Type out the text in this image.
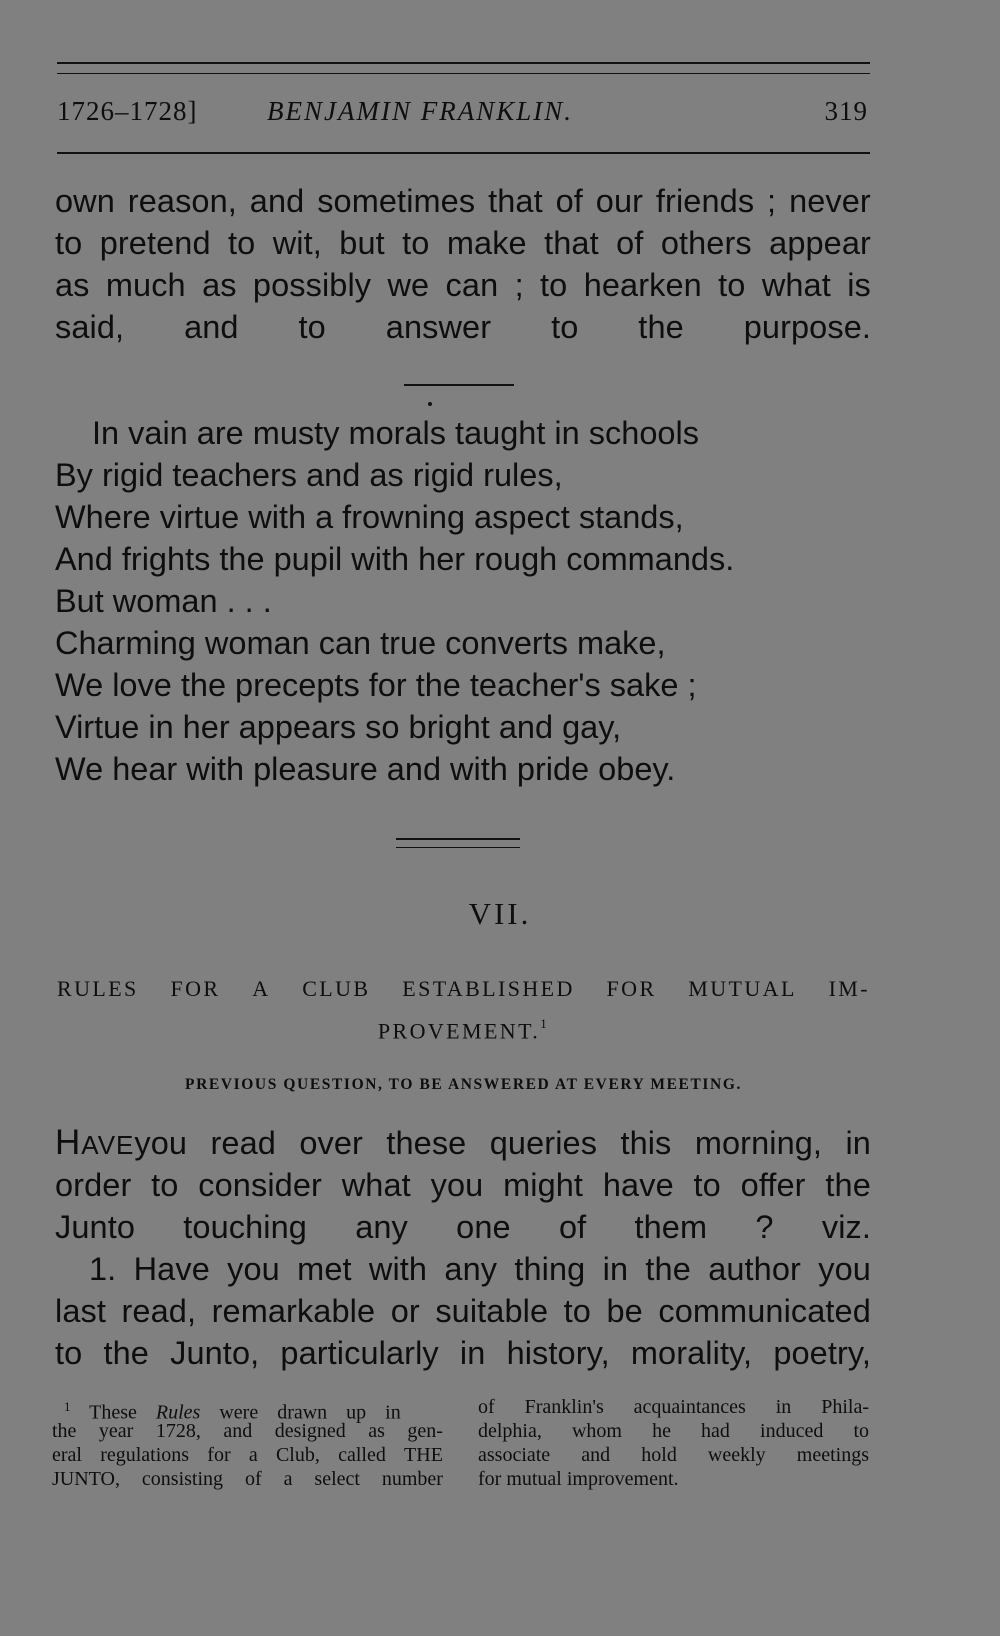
1726–1728]	BENJAMIN FRANKLIN.	319
own reason, and sometimes that of our friends ; never
to pretend to wit, but to make that of others appear
as much as possibly we can ; to hearken to what is
said, and to answer to the purpose.
In vain are musty morals taught in schools
By rigid teachers and as rigid rules,
Where virtue with a frowning aspect stands,
And frights the pupil with her rough commands.
But woman . . .
Charming woman can true converts make,
We love the precepts for the teacher's sake ;
Virtue in her appears so bright and gay,
We hear with pleasure and with pride obey.
VII.
RULES FOR A CLUB ESTABLISHED FOR MUTUAL IM-
PROVEMENT.$^1$
PREVIOUS QUESTION, TO BE ANSWERED AT EVERY MEETING.
HAVE you read over these queries this morning, in
order to consider what you might have to offer the
Junto touching any one of them ? viz.
1. Have you met with any thing in the author you
last read, remarkable or suitable to be communicated
to the Junto, particularly in history, morality, poetry,
$^1$ These Rules were drawn up in
the year 1728, and designed as gen-
eral regulations for a Club, called THE
JUNTO, consisting of a select number
of Franklin's acquaintances in Phila-
delphia, whom he had induced to
associate and hold weekly meetings
for mutual improvement.
